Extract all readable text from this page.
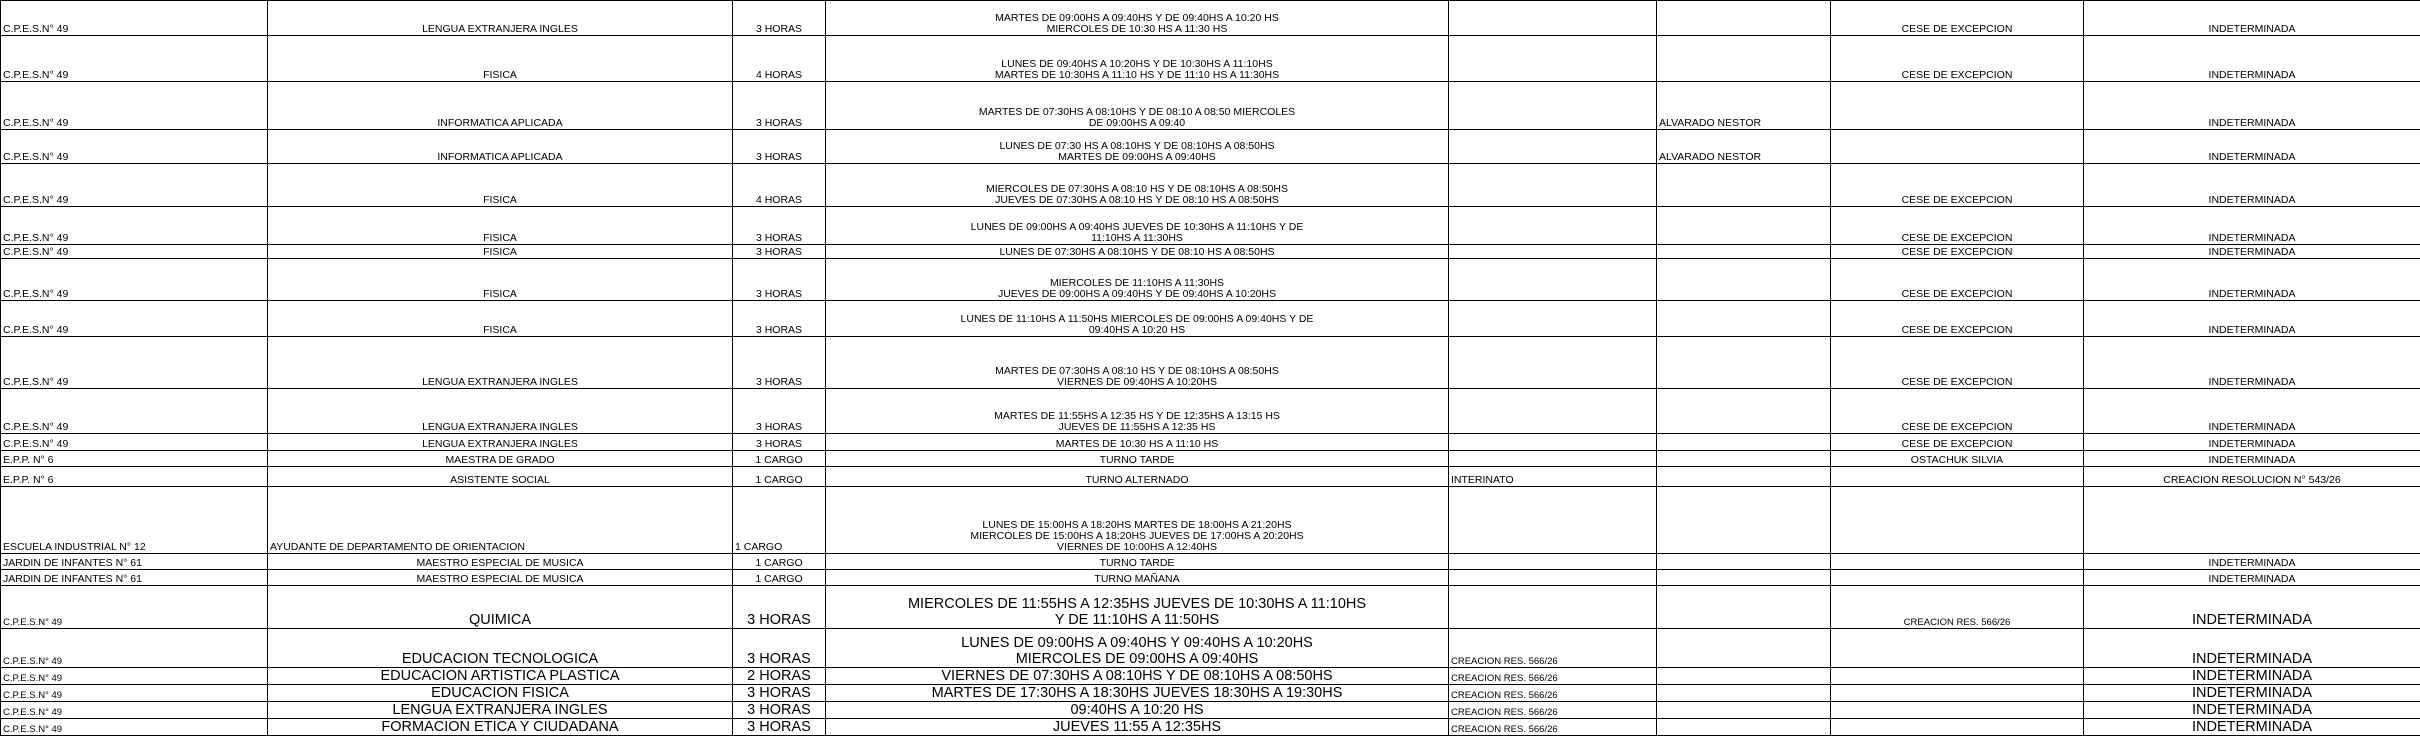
C.P.E.S.N° 49	LENGUA EXTRANJERA INGLES	3 HORAS	MARTES DE 09:00HS A 09:40HS Y DE 09:40HS A 10:20 HS
MIERCOLES DE 10:30 HS A 11:30 HS			CESE DE EXCEPCION	INDETERMINADA
C.P.E.S.N° 49	FISICA	4 HORAS	LUNES DE 09:40HS A 10:20HS Y DE 10:30HS A 11:10HS
MARTES DE 10:30HS A 11:10 HS Y DE 11:10 HS A 11:30HS			CESE DE EXCEPCION	INDETERMINADA
C.P.E.S.N° 49	INFORMATICA APLICADA	3 HORAS	MARTES DE 07:30HS A 08:10HS Y DE 08:10 A 08:50 MIERCOLES
DE 09:00HS A 09:40		ALVARADO NESTOR		INDETERMINADA
C.P.E.S.N° 49	INFORMATICA APLICADA	3 HORAS	LUNES DE 07:30 HS A 08:10HS Y DE 08:10HS A 08:50HS
MARTES DE 09:00HS A 09:40HS		ALVARADO NESTOR		INDETERMINADA
C.P.E.S.N° 49	FISICA	4 HORAS	MIERCOLES DE 07:30HS A 08:10 HS Y DE 08:10HS A 08:50HS
JUEVES DE 07:30HS A 08:10 HS Y DE 08:10 HS A 08:50HS			CESE DE EXCEPCION	INDETERMINADA
C.P.E.S.N° 49	FISICA	3 HORAS	LUNES DE 09:00HS A 09:40HS JUEVES DE 10:30HS A 11:10HS Y DE
11:10HS A 11:30HS			CESE DE EXCEPCION	INDETERMINADA
C.P.E.S.N° 49	FISICA	3 HORAS	LUNES DE 07:30HS A 08:10HS Y DE 08:10 HS A 08:50HS			CESE DE EXCEPCION	INDETERMINADA
C.P.E.S.N° 49	FISICA	3 HORAS	MIERCOLES DE 11:10HS A 11:30HS
JUEVES DE 09:00HS A 09:40HS Y DE 09:40HS A 10:20HS			CESE DE EXCEPCION	INDETERMINADA
C.P.E.S.N° 49	FISICA	3 HORAS	LUNES DE 11:10HS A 11:50HS MIERCOLES DE 09:00HS A 09:40HS Y DE
09:40HS A 10:20 HS			CESE DE EXCEPCION	INDETERMINADA
C.P.E.S.N° 49	LENGUA EXTRANJERA INGLES	3 HORAS	MARTES DE 07:30HS A 08:10 HS Y DE 08:10HS A 08:50HS
VIERNES DE 09:40HS A 10:20HS			CESE DE EXCEPCION	INDETERMINADA
C.P.E.S.N° 49	LENGUA EXTRANJERA INGLES	3 HORAS	MARTES DE 11:55HS A 12:35 HS Y DE 12:35HS A 13:15 HS
JUEVES DE 11:55HS A 12:35 HS			CESE DE EXCEPCION	INDETERMINADA
C.P.E.S.N° 49	LENGUA EXTRANJERA INGLES	3 HORAS	MARTES DE 10:30 HS A 11:10 HS			CESE DE EXCEPCION	INDETERMINADA
E.P.P. N° 6	MAESTRA DE GRADO	1 CARGO	TURNO TARDE			OSTACHUK SILVIA	INDETERMINADA
E.P.P. N° 6	ASISTENTE SOCIAL	1 CARGO	TURNO ALTERNADO	INTERINATO			CREACION RESOLUCION N° 543/26
ESCUELA INDUSTRIAL N° 12	AYUDANTE DE DEPARTAMENTO DE ORIENTACION	1 CARGO	LUNES DE 15:00HS A 18:20HS MARTES DE 18:00HS A 21:20HS
MIERCOLES DE 15:00HS A 18:20HS JUEVES DE 17:00HS A 20:20HS
VIERNES DE 10:00HS A 12:40HS				

JARDIN DE INFANTES N° 61	MAESTRO ESPECIAL DE MUSICA	1 CARGO	TURNO TARDE				INDETERMINADA
JARDIN DE INFANTES N° 61	MAESTRO ESPECIAL DE MUSICA	1 CARGO	TURNO MAÑANA				INDETERMINADA
C.P.E.S.N° 49	QUIMICA	3 HORAS	MIERCOLES DE 11:55HS A 12:35HS JUEVES DE 10:30HS A 11:10HS
Y DE 11:10HS A 11:50HS			CREACION RES. 566/26	INDETERMINADA
C.P.E.S.N° 49	EDUCACION TECNOLOGICA	3 HORAS	LUNES DE 09:00HS A 09:40HS Y 09:40HS A 10:20HS
MIERCOLES DE 09:00HS A 09:40HS	CREACION RES. 566/26			INDETERMINADA
C.P.E.S.N° 49	EDUCACION ARTISTICA PLASTICA	2 HORAS	VIERNES DE 07:30HS A 08:10HS Y DE 08:10HS A 08:50HS	CREACION RES. 566/26			INDETERMINADA
C.P.E.S.N° 49	EDUCACION FISICA	3 HORAS	MARTES DE 17:30HS A 18:30HS JUEVES 18:30HS A 19:30HS	CREACION RES. 566/26			INDETERMINADA
C.P.E.S.N° 49	LENGUA EXTRANJERA INGLES	3 HORAS	09:40HS A 10:20 HS	CREACION RES. 566/26			INDETERMINADA
C.P.E.S.N° 49	FORMACION ETICA Y CIUDADANA	3 HORAS	JUEVES 11:55 A 12:35HS	CREACION RES. 566/26			INDETERMINADA
